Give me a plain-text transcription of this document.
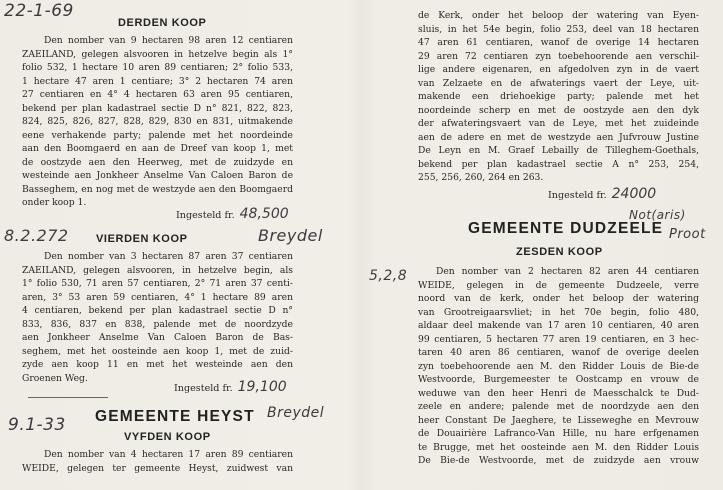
22-1-69
DERDEN KOOP
Den nomber van 9 hectaren 98 aren 12 centiaren
ZAEILAND, gelegen alsvooren in hetzelve begin als 1°
folio 532, 1 hectare 10 aren 89 centiaren; 2° folio 533,
1 hectare 47 aren 1 centiare; 3° 2 hectaren 74 aren
27 centiaren en 4° 4 hectaren 63 aren 95 centiaren,
bekend per plan kadastrael sectie D n° 821, 822, 823,
824, 825, 826, 827, 828, 829, 830 en 831, uitmakende
eene verhakende party; palende met het noordeinde
aan den Boomgaerd en aan de Dreef van koop 1, met
de oostzyde aen den Heerweg, met de zuidzyde en
westeinde aen Jonkheer Anselme Van Caloen Baron de
Basseghem, en nog met de westzyde aen den Boomgaerd
onder koop 1.
Ingesteld fr. 48,500
8.2.272 VIERDEN KOOP	Breydel
Den nomber van 3 hectaren 87 aren 37 centiaren
ZAEILAND, gelegen alsvooren, in hetzelve begin, als
1° folio 530, 71 aren 57 centiaren, 2° 71 aren 37 centi-
aren, 3° 53 aren 59 centiaren, 4° 1 hectare 89 aren
4 centiaren, bekend per plan kadastrael sectie D n°
833, 836, 837 en 838, palende met de noordzyde
aen Jonkheer Anselme Van Caloen Baron de Bas-
seghem, met het oosteinde aen koop 1, met de zuid-
zyde aen koop 11 en met het westeinde aen den
Groenen Weg.
Ingesteld fr. 19,100
9.1-33 GEMEENTE HEYST Breydel
VYFDEN KOOP
Den nomber van 4 hectaren 17 aren 89 centiaren
WEIDE, gelegen ter gemeente Heyst, zuidwest van
de Kerk, onder het beloop der watering van Eyen-
sluis, in het 54e begin, folio 253, deel van 18 hectaren
47 aren 61 centiaren, wanof de overige 14 hectaren
29 aren 72 centiaren zyn toebehoorende aen verschil-
lige andere eigenaren, en afgedolven zyn in de vaert
van Zelzaete en de afwaterings vaert der Leye, uit-
makende een driehoekige party; palende met het
noordeinde scherp en met de oostzyde aen den dyk
der afwateringsvaert van de Leye, met het zuideinde
aen de adere en met de westzyde aen Jufvrouw Justine
De Leyn en M. Graef Lebailly de Tilleghem-Goethals,
bekend per plan kadastrael sectie A n° 253, 254,
255, 256, 260, 264 en 263.
Ingesteld fr. 24000
GEMEENTE DUDZEELE
Not(aris)
Proot
ZESDEN KOOP
5,2,8	Den nomber van 2 hectaren 82 aren 44 centiaren
WEIDE, gelegen in de gemeente Dudzeele, verre
noord van de kerk, onder het beloop der watering
van Grootreigaarsvliet; in het 70e begin, folio 480,
aldaar deel makende van 17 aren 10 centiaren, 40 aren
99 centiaren, 5 hectaren 77 aren 19 centiaren, en 3 hec-
taren 40 aren 86 centiaren, wanof de overige deelen
zyn toebehoorende aen M. den Ridder Louis de Bie-de
Westvoorde, Burgemeester te Oostcamp en vrouw de
weduwe van den heer Henri de Maesschalck te Dud-
zeele en andere; palende met de noordzyde aen den
heer Constant De Jaeghere, te Lisseweghe en Mevrouw
de Douairière Lafranco-Van Hille, nu hare erfgenamen
te Brugge, met het oosteinde aen M. den Ridder Louis
De Bie-de Westvoorde, met de zuidzyde aen vrouw
